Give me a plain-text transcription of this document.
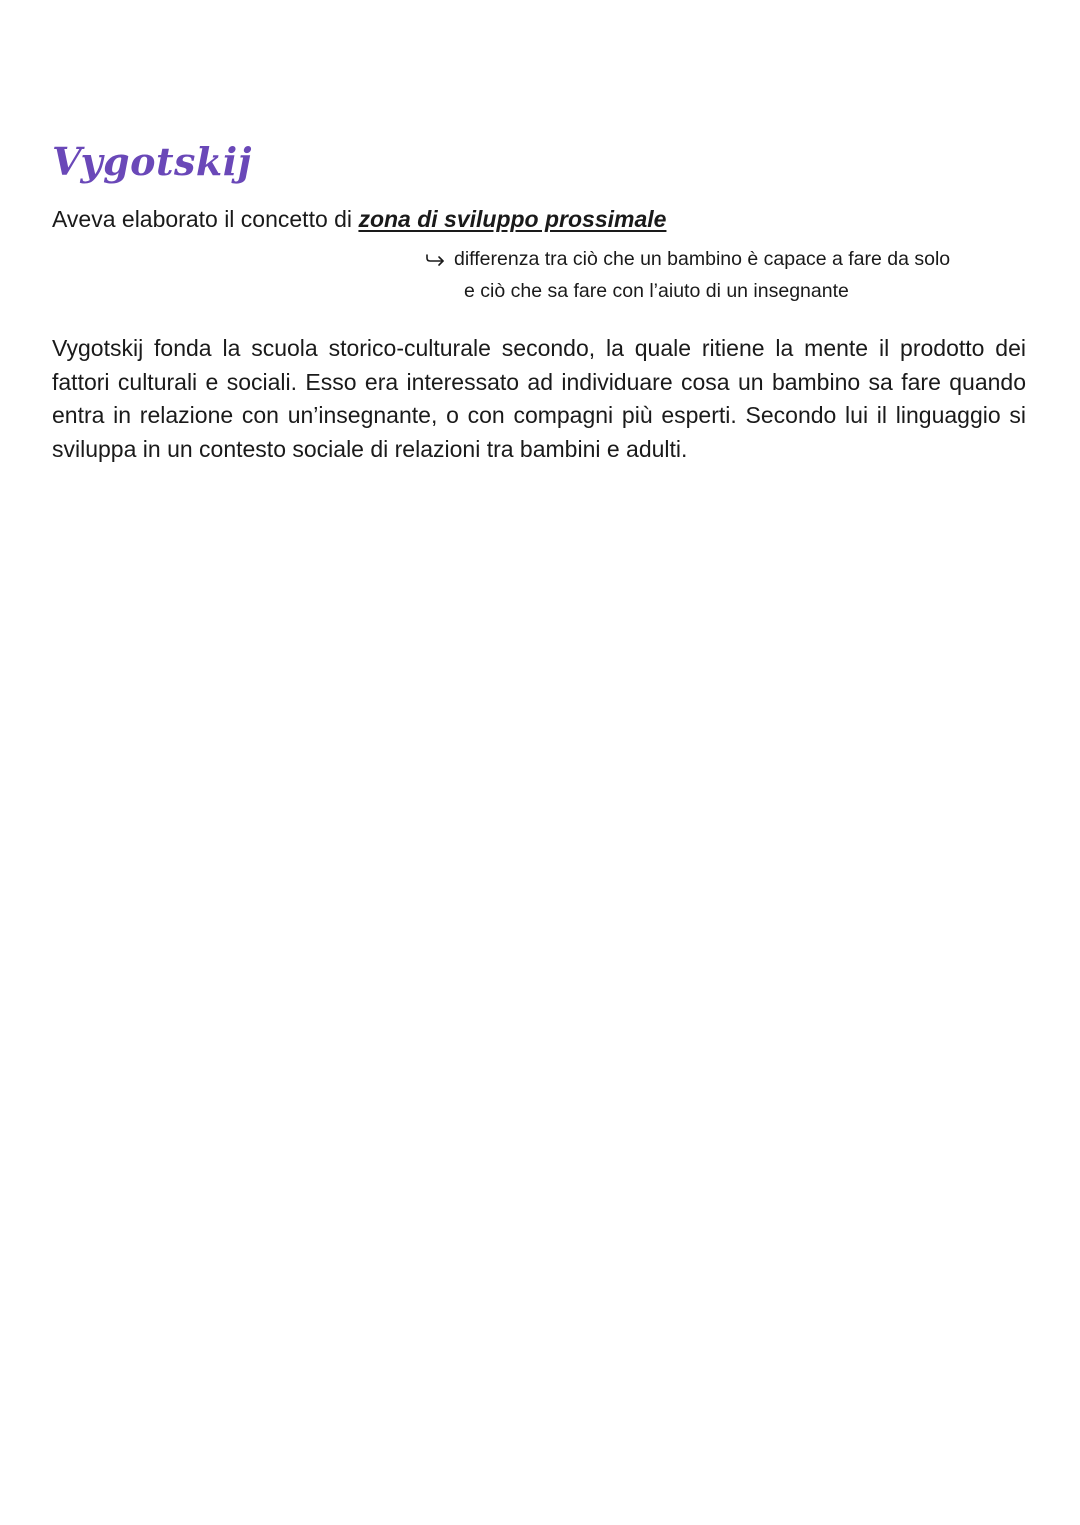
Vygotskij

Aveva elaborato il concetto di zona di sviluppo prossimale

differenza tra ciò che un bambino è capace a fare da solo
e ciò che sa fare con l’aiuto di un insegnante

Vygotskij fonda la scuola storico-culturale secondo, la quale ritiene la mente il prodotto dei fattori culturali e sociali. Esso era interessato ad individuare cosa un bambino sa fare quando entra in relazione con un’insegnante, o con compagni più esperti. Secondo lui il linguaggio si sviluppa in un contesto sociale di relazioni tra bambini e adulti.
